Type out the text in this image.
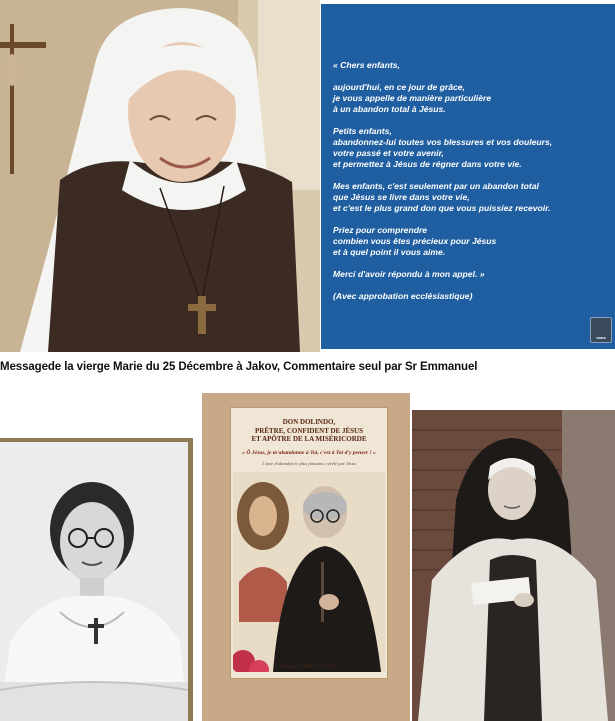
« Chers enfants,

aujourd'hui, en ce jour de grâce,
je vous appelle de manière particulière
à un abandon total à Jésus.

Petits enfants,
abandonnez-lui toutes vos blessures et vos douleurs,
votre passé et votre avenir,
et permettez à Jésus de régner dans votre vie.

Mes enfants, c'est seulement par un abandon total
que Jésus se livre dans votre vie,
et c'est le plus grand don que vous puissiez recevoir.

Priez pour comprendre
combien vous êtes précieux pour Jésus
et à quel point il vous aime.

Merci d'avoir répondu à mon appel. »

(Avec approbation ecclésiastique)

vous
Messagede la vierge Marie du 25 Décembre à Jakov, Commentaire seul par Sr Emmanuel
DON DOLINDO,
PRÊTRE, CONFIDENT DE JÉSUS
ET APÔTRE DE LA MISÉRICORDE
« Ô Jésus, je m'abandonne à Toi, c'est à Toi d'y penser ! »
L'acte d'abandon le plus puissant, révélé par Jésus
Éditions L'APPEL DU CIEL
